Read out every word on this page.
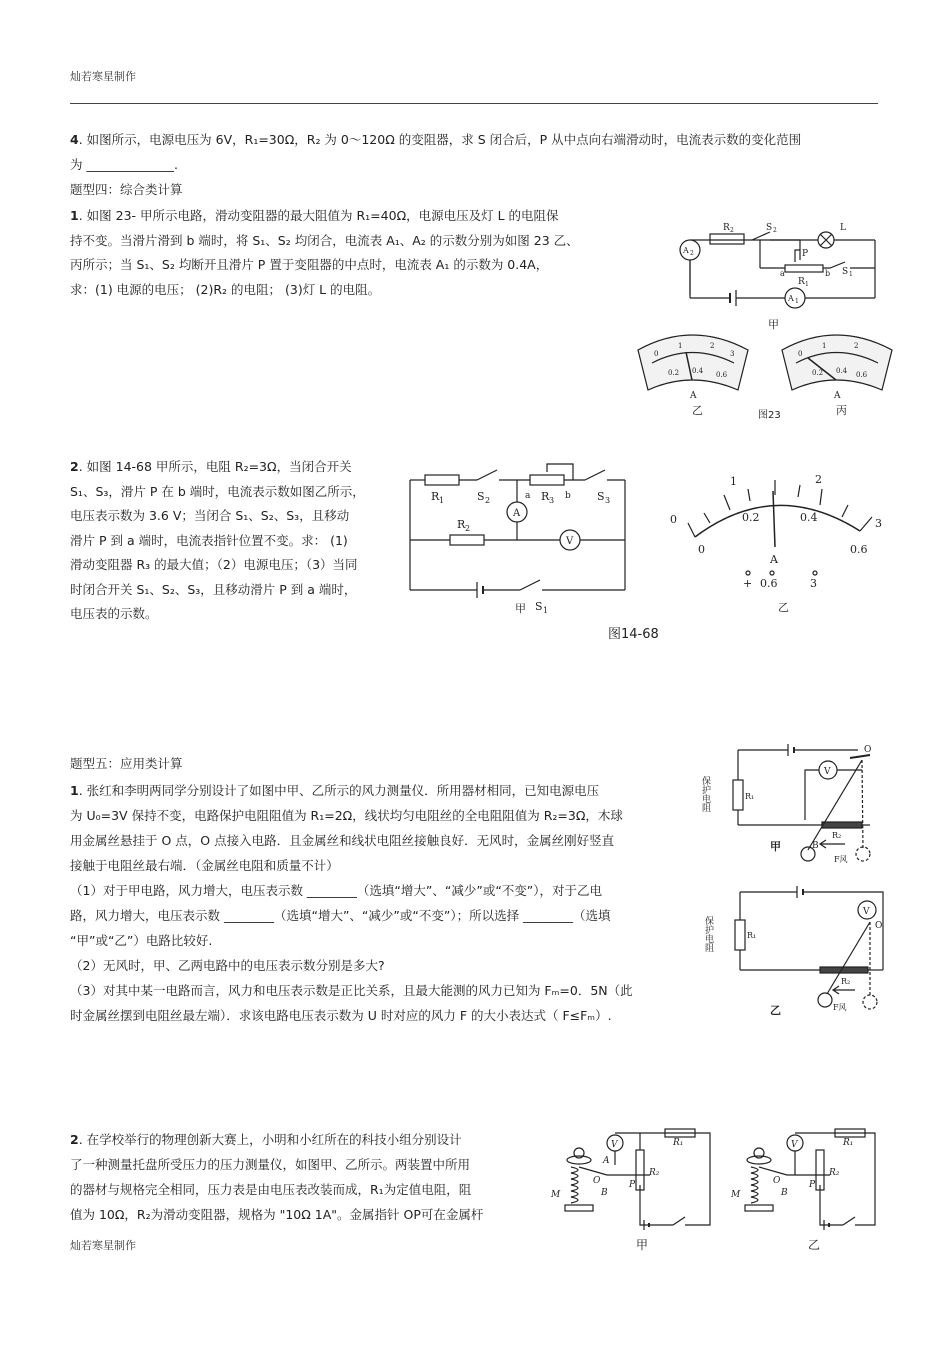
灿若寒星制作
4. 如图所示，电源电压为 6V，R₁=30Ω，R₂ 为 0～120Ω 的变阻器，求 S 闭合后，P 从中点向右端滑动时，电流表示数的变化范围
为 ______________.
题型四：综合类计算
1. 如图 23- 甲所示电路，滑动变阻器的最大阻值为 R₁=40Ω，电源电压及灯 L 的电阻保
持不变。当滑片滑到 b 端时，将 S₁、S₂ 均闭合，电流表 A₁、A₂ 的示数分别为如图 23 乙、
丙所示；当 S₁、S₂ 均断开且滑片 P 置于变阻器的中点时，电流表 A₁ 的示数为 0.4A，
求：(1) 电源的电压； (2)R₂ 的电阻； (3)灯 L 的电阻。
R 2	S 2	L
A 2	P
a
R 1
b S 1
A 1
甲
0
1	2
3
0.2 0.4 0.6
A
乙	图23
0
1	2
0.2 0.4 0.6
A
丙
2. 如图 14-68 甲所示，电阻 R₂=3Ω，当闭合开关
S₁、S₃，滑片 P 在 b 端时，电流表示数如图乙所示，
电压表示数为 3.6 V；当闭合 S₁、S₂、S₃，且移动
滑片 P 到 a 端时，电流表指针位置不变。求： (1)
滑动变阻器 R₃ 的最大值；（2）电源电压；（3）当同
时闭合开关 S₁、S₂、S₃，且移动滑片 P 到 a 端时，
电压表的示数。
R 1	S 2	a R 3 b S 3
R 2
A
V
S 1
甲
0
1	2
3
0
0.2	0.4
0.6
A
+ 0.6	3
乙
图14-68
题型五：应用类计算
1. 张红和李明两同学分别设计了如图中甲、乙所示的风力测量仪．所用器材相同，已知电源电压
为 U₀=3V 保持不变，电路保护电阻阻值为 R₁=2Ω，线状均匀电阻丝的全电阻阻值为 R₂=3Ω，木球
用金属丝悬挂于 O 点，O 点接入电路．且金属丝和线状电阻丝接触良好．无风时，金属丝刚好竖直
接触于电阻丝最右端．（金属丝电阻和质量不计）
（1）对于甲电路，风力增大，电压表示数 ________（选填“增大”、“减少”或“不变”），对于乙电
路，风力增大，电压表示数 ________（选填“增大”、“减少”或“不变”）；所以选择 ________（选填
“甲”或“乙”）电路比较好.
（2）无风时，甲、乙两电路中的电压表示数分别是多大?
（3）对其中某一电路而言，风力和电压表示数是正比关系，且最大能测的风力已知为 Fₘ=0．5N（此
时金属丝摆到电阻丝最左端）．求该电路电压表示数为 U 时对应的风力 F 的大小表达式（ F≤Fₘ）.
保护电阻	R₁
R₂
V
O
B
F风
甲
保护电阻	R₁
R₂
V
O
F风
乙
2. 在学校举行的物理创新大赛上，小明和小红所在的科技小组分别设计
了一种测量托盘所受压力的压力测量仪，如图甲、乙所示。两装置中所用
的器材与规格完全相同，压力表是由电压表改装而成，R₁为定值电阻，阻
值为 10Ω，R₂为滑动变阻器，规格为 "10Ω 1A"。金属指针 OP可在金属杆
V	R₁
A
R₂
O	P
B
M
V	R₁
R₂
O	P
B
M
甲	乙
灿若寒星制作
